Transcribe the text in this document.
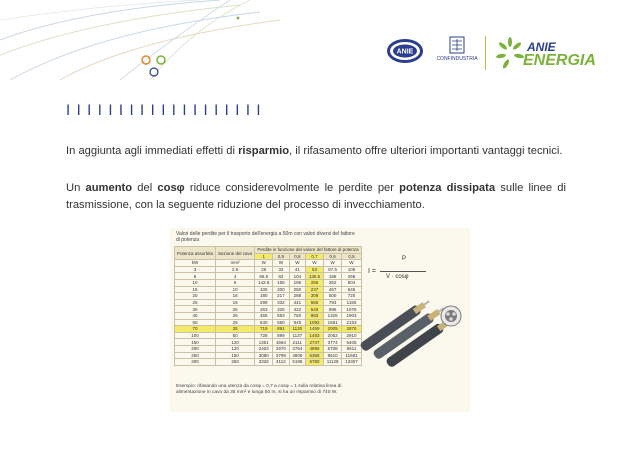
ANIE
CONFINDUSTRIA
ANIE
ENERGIA
I I I I I I I I I I I I I I I I I I I
In aggiunta agli immediati effetti di risparmio, il rifasamento offre ulteriori importanti vantaggi tecnici.
Un aumento del cosφ riduce considerevolmente le perdite per potenza dissipata sulle linee di trasmissione, con la seguente riduzione del processo di invecchiamento.
Valori delle perdite per il trasporto dell'energia a 50m con valori diversi del fattore di potenza
Potenza assorbita	Sezione del cavo	Perdite in funzione del valore del fattore di potenza					
		1	0,9	0,8	0,7	0,6	0,5
kW	mm²	W	W	W	W	W	W
3	2.5	25	32	41	53	87.5	106
6	4	66.5	82	104	135.5	186	266
10	6	142.8	155	196	256	352	504
15	10	105	200	250	237	467	646
20	16	180	217	288	309	500	720
25	16	289	332	441	565	793	1155
30	25	263	325	422	549	895	1076
40	25	455	583	750	983	1326	1903
50	25	540	560	845	1092	1681	2153
70	35	719	891	1130	1459	2005	2876
100	50	728	899	1137	1483	2052	2910
150	120	1351	1664	2111	2747	3774	5406
200	120	2402	2970	3754	4896	6708	9611
250	150	3080	3798	4808	6366	8610	11681
300	250	3326	4112	5198	6780	11128	13307
P
I =
V · cosφ
Esempio: rifasando una utenza da cosφ = 0,7 a cosφ = 1 sulla relativa linea di alimentazione in cavo da 35 mm² e lunga 50 m, si ha un risparmio di 740 W.
